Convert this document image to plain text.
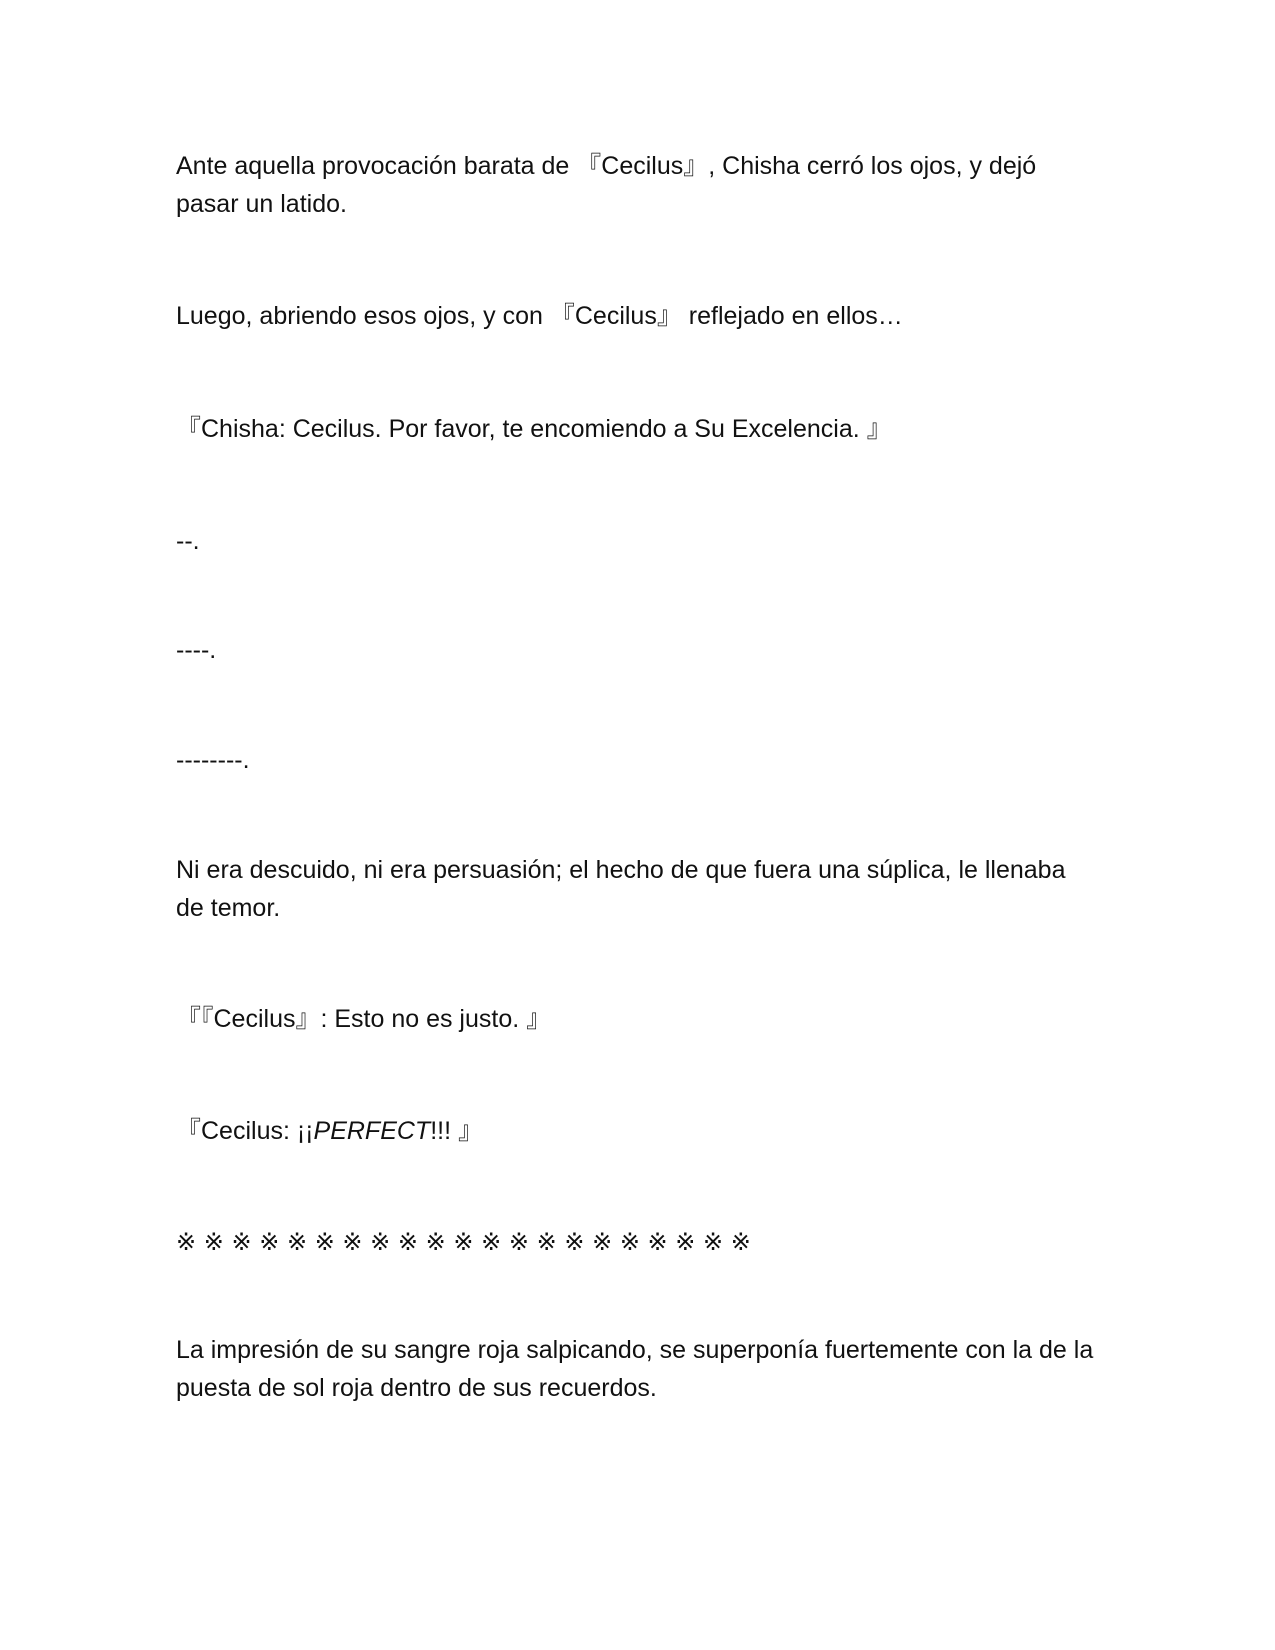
Ante aquella provocación barata de 『Cecilus』, Chisha cerró los ojos, y dejó pasar un latido.

Luego, abriendo esos ojos, y con 『Cecilus』 reflejado en ellos…

『Chisha: Cecilus. Por favor, te encomiendo a Su Excelencia. 』

--.

----.

--------.

Ni era descuido, ni era persuasión; el hecho de que fuera una súplica, le llenaba de temor.

『『Cecilus』: Esto no es justo. 』

『Cecilus: ¡¡PERFECT!!! 』

※ ※ ※ ※ ※ ※ ※ ※ ※ ※ ※ ※ ※ ※ ※ ※ ※ ※ ※ ※ ※

La impresión de su sangre roja salpicando, se superponía fuertemente con la de la puesta de sol roja dentro de sus recuerdos.
